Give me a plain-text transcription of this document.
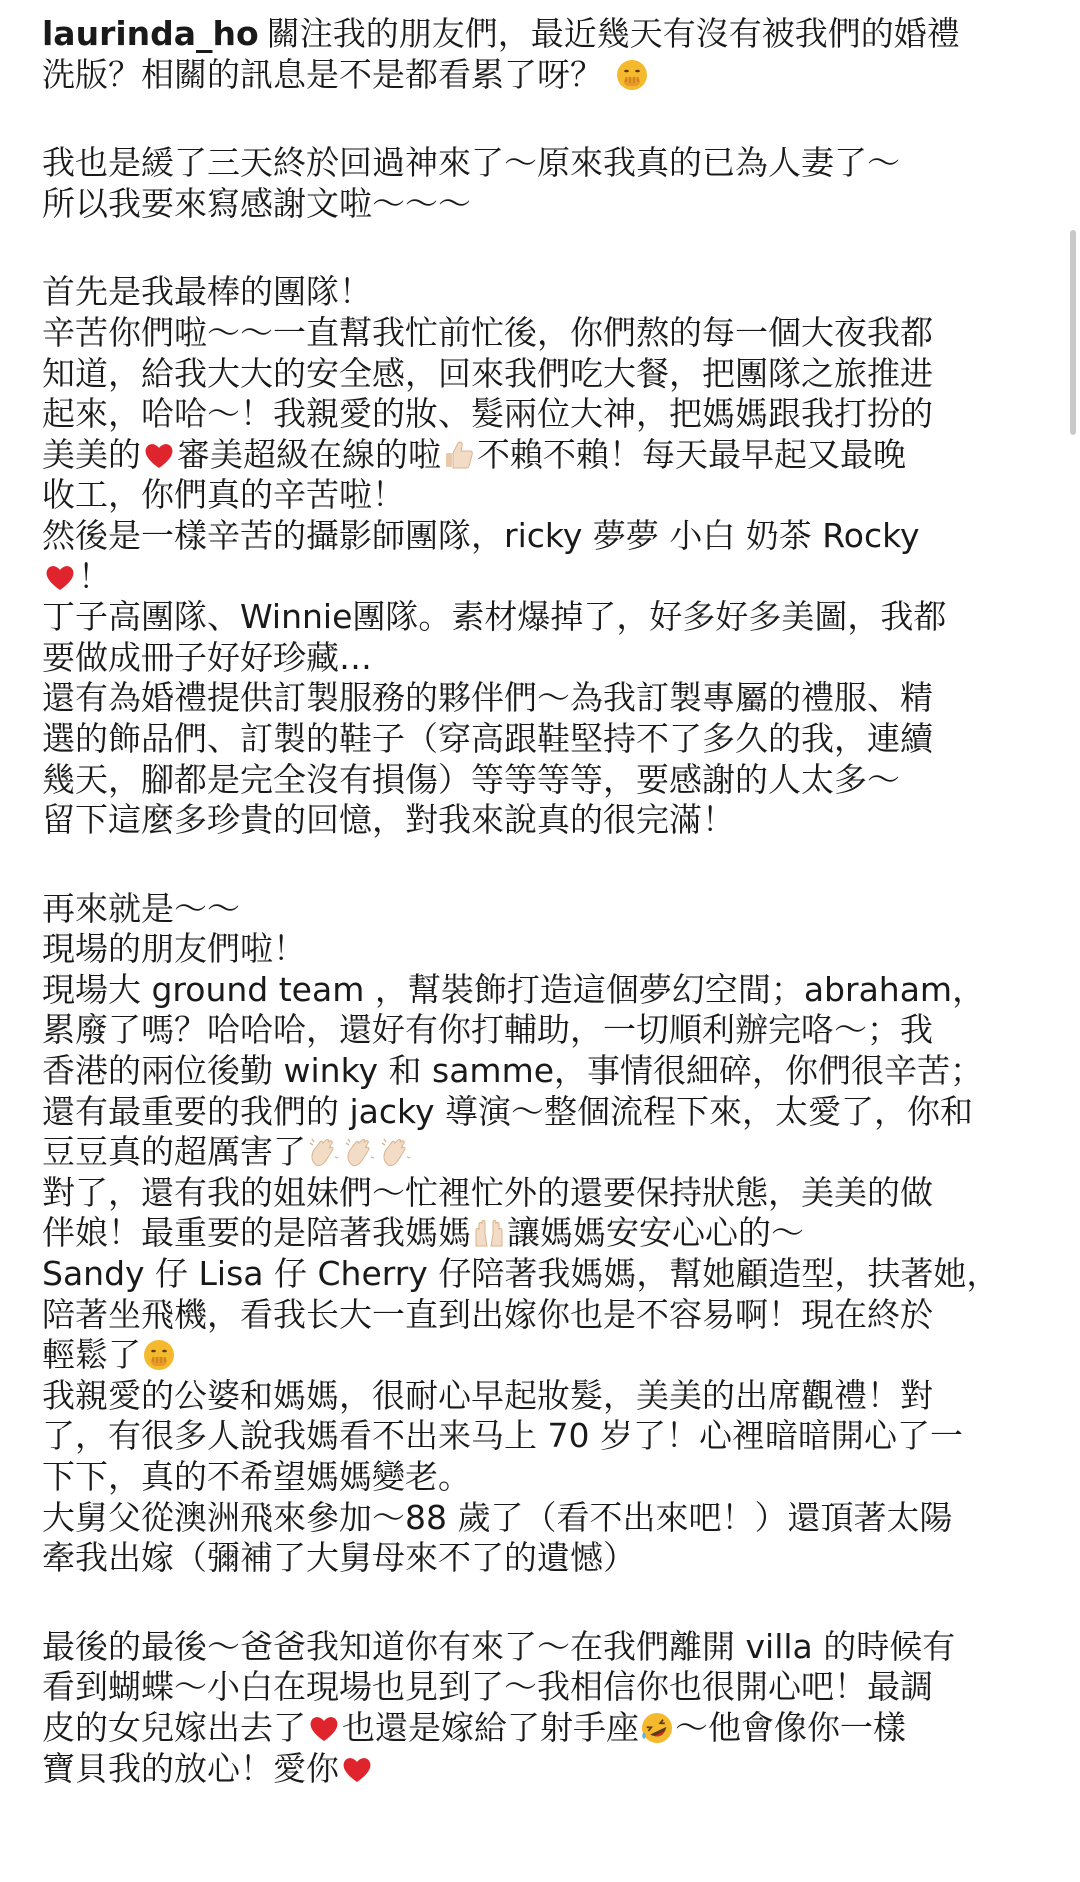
laurinda_ho 關注我的朋友們，最近幾天有沒有被我們的婚禮
洗版？相關的訊息是不是都看累了呀？
我也是緩了三天終於回過神來了～原來我真的已為人妻了～
所以我要來寫感謝文啦～～～
首先是我最棒的團隊！
辛苦你們啦～～一直幫我忙前忙後，你們熬的每一個大夜我都
知道，給我大大的安全感，回來我們吃大餐，把團隊之旅推进
起來，哈哈～！我親愛的妝、髮兩位大神，把媽媽跟我打扮的
美美的 審美超級在線的啦 不賴不賴！每天最早起又最晚
收工，你們真的辛苦啦！
然後是一樣辛苦的攝影師團隊，ricky 夢夢 小白 奶茶 Rocky
！
丁子高團隊、Winnie團隊。素材爆掉了，好多好多美圖，我都
要做成冊子好好珍藏…
還有為婚禮提供訂製服務的夥伴們～為我訂製專屬的禮服、精
選的飾品們、訂製的鞋子（穿高跟鞋堅持不了多久的我，連續
幾天，腳都是完全沒有損傷）等等等等，要感謝的人太多～
留下這麼多珍貴的回憶，對我來說真的很完滿！
再來就是～～
現場的朋友們啦！
現場大 ground team ，幫裝飾打造這個夢幻空間；abraham，
累廢了嗎？哈哈哈，還好有你打輔助，一切順利辦完咯～；我
香港的兩位後勤 winky 和 samme，事情很細碎，你們很辛苦；
還有最重要的我們的 jacky 導演～整個流程下來，太愛了，你和
豆豆真的超厲害了
對了，還有我的姐妹們～忙裡忙外的還要保持狀態，美美的做
伴娘！最重要的是陪著我媽媽 讓媽媽安安心心的～
Sandy 仔 Lisa 仔 Cherry 仔陪著我媽媽，幫她顧造型，扶著她，
陪著坐飛機，看我长大一直到出嫁你也是不容易啊！現在終於
輕鬆了
我親愛的公婆和媽媽，很耐心早起妝髮，美美的出席觀禮！對
了，有很多人說我媽看不出来马上 70 岁了！心裡暗暗開心了一
下下，真的不希望媽媽變老。
大舅父從澳洲飛來參加～88 歲了（看不出來吧！）還頂著太陽
牽我出嫁（彌補了大舅母來不了的遺憾）
最後的最後～爸爸我知道你有來了～在我們離開 villa 的時候有
看到蝴蝶～小白在現場也見到了～我相信你也很開心吧！最調
皮的女兒嫁出去了 也還是嫁給了射手座 ～他會像你一樣
寶貝我的放心！愛你
